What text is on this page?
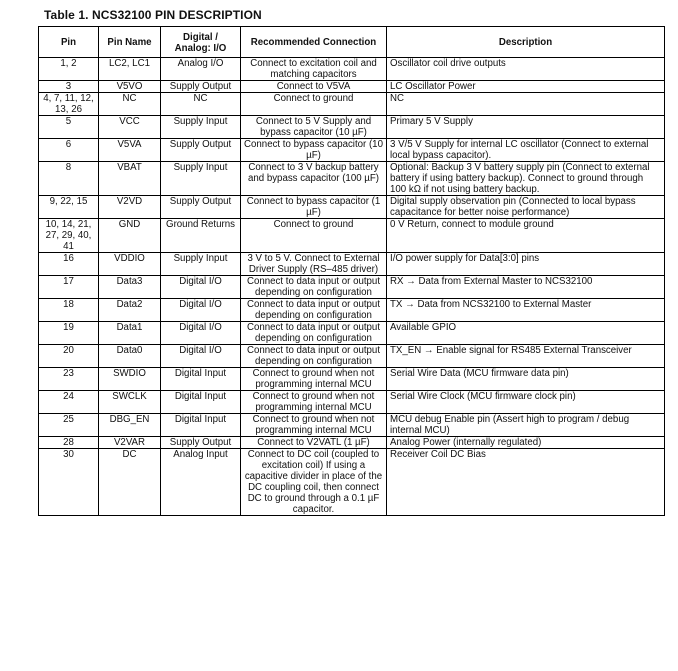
Table 1. NCS32100 PIN DESCRIPTION
Pin	Pin Name	Digital / Analog: I/O	Recommended Connection	Description
1, 2	LC2, LC1	Analog I/O	Connect to excitation coil and matching capacitors	Oscillator coil drive outputs
3	V5VO	Supply Output	Connect to V5VA	LC Oscillator Power
4, 7, 11, 12, 13, 26	NC	NC	Connect to ground	NC
5	VCC	Supply Input	Connect to 5 V Supply and bypass capacitor (10 µF)	Primary 5 V Supply
6	V5VA	Supply Output	Connect to bypass capacitor (10 µF)	3 V/5 V Supply for internal LC oscillator (Connect to external local bypass capacitor).
8	VBAT	Supply Input	Connect to 3 V backup battery and bypass capacitor (100 µF)	Optional: Backup 3 V battery supply pin (Connect to external battery if using battery backup). Connect to ground through 100 kΩ if not using battery backup.
9, 22, 15	V2VD	Supply Output	Connect to bypass capacitor (1 µF)	Digital supply observation pin (Connected to local bypass capacitance for better noise performance)
10, 14, 21, 27, 29, 40, 41	GND	Ground Returns	Connect to ground	0 V Return, connect to module ground
16	VDDIO	Supply Input	3 V to 5 V. Connect to External Driver Supply (RS–485 driver)	I/O power supply for Data[3:0] pins
17	Data3	Digital I/O	Connect to data input or output depending on configuration	RX → Data from External Master to NCS32100
18	Data2	Digital I/O	Connect to data input or output depending on configuration	TX → Data from NCS32100 to External Master
19	Data1	Digital I/O	Connect to data input or output depending on configuration	Available GPIO
20	Data0	Digital I/O	Connect to data input or output depending on configuration	TX_EN → Enable signal for RS485 External Transceiver
23	SWDIO	Digital Input	Connect to ground when not programming internal MCU	Serial Wire Data (MCU firmware data pin)
24	SWCLK	Digital Input	Connect to ground when not programming internal MCU	Serial Wire Clock (MCU firmware clock pin)
25	DBG_EN	Digital Input	Connect to ground when not programming internal MCU	MCU debug Enable pin (Assert high to program / debug internal MCU)
28	V2VAR	Supply Output	Connect to V2VATL (1 µF)	Analog Power (internally regulated)
30	DC	Analog Input	Connect to DC coil (coupled to excitation coil) If using a capacitive divider in place of the DC coupling coil, then connect DC to ground through a 0.1 µF capacitor.	Receiver Coil DC Bias
